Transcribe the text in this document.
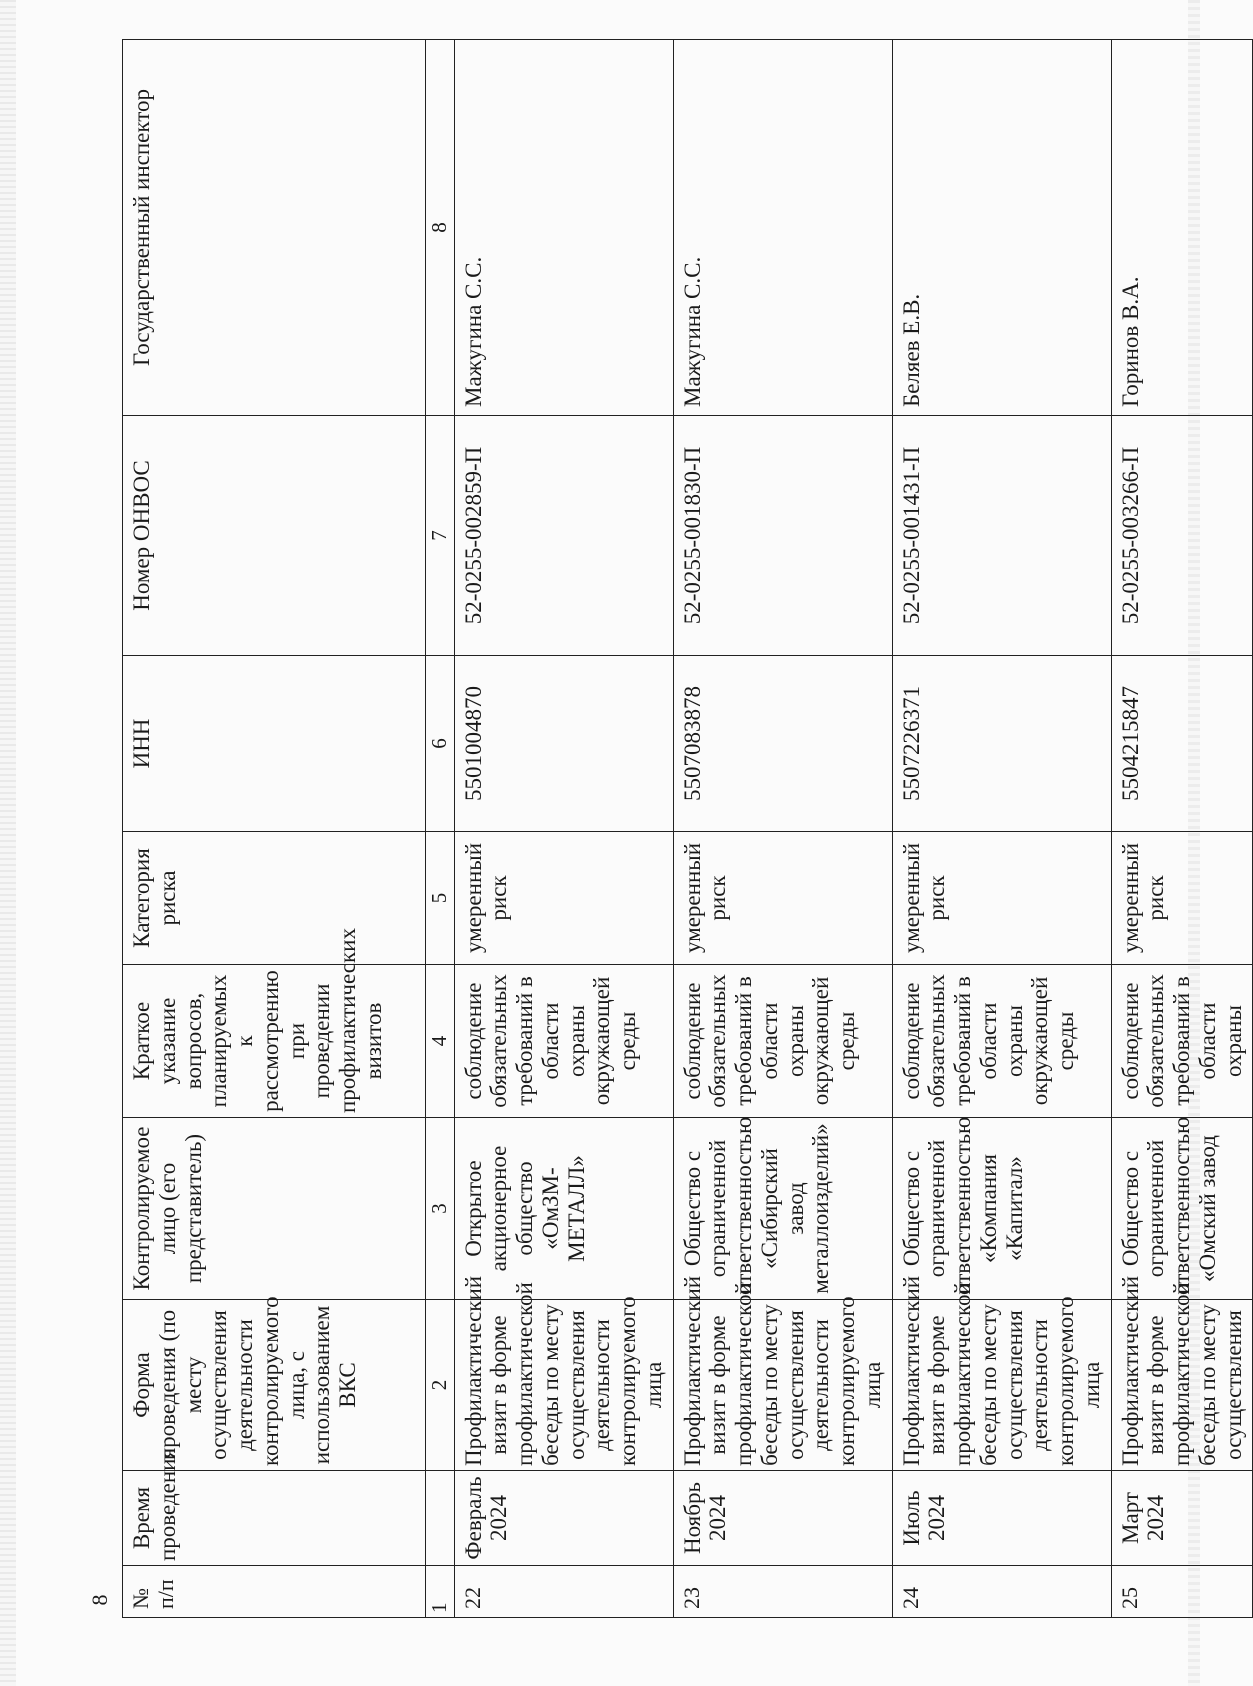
8 № п/п	Время проведения	Форма проведения (по месту осуществления деятельности контролируемого лица, с использованием ВКС	Контролируемое лицо (его представитель)	Краткое указание вопросов, планируемых к рассмотрению при проведении профилактических визитов	Категория риска	ИНН	Номер ОНВОС	Государственный инспектор
1		2	3	4	5	6	7	8
22	Февраль 2024	Профилактический визит в форме профилактической беседы по месту осуществления деятельности контролируемого лица	Открытое акционерное общество «ОмЗМ-МЕТАЛЛ»	соблюдение обязательных требований в области охраны окружающей среды	умеренный риск	5501004870	52-0255-002859-П	Мажугина С.С.
23	Ноябрь 2024	Профилактический визит в форме профилактической беседы по месту осуществления деятельности контролируемого лица	Общество с ограниченной ответственностью «Сибирский завод металлоизделий»	соблюдение обязательных требований в области охраны окружающей среды	умеренный риск	5507083878	52-0255-001830-П	Мажугина С.С.
24	Июль 2024	Профилактический визит в форме профилактической беседы по месту осуществления деятельности контролируемого лица	Общество с ограниченной ответственностью «Компания «Капитал»	соблюдение обязательных требований в области охраны окружающей среды	умеренный риск	5507226371	52-0255-001431-П	Беляев Е.В.
25	Март 2024	Профилактический визит в форме профилактической беседы по месту осуществления	Общество с ограниченной ответственностью «Омский завод	соблюдение обязательных требований в области охраны	умеренный риск	5504215847	52-0255-003266-П	Горинов В.А.
